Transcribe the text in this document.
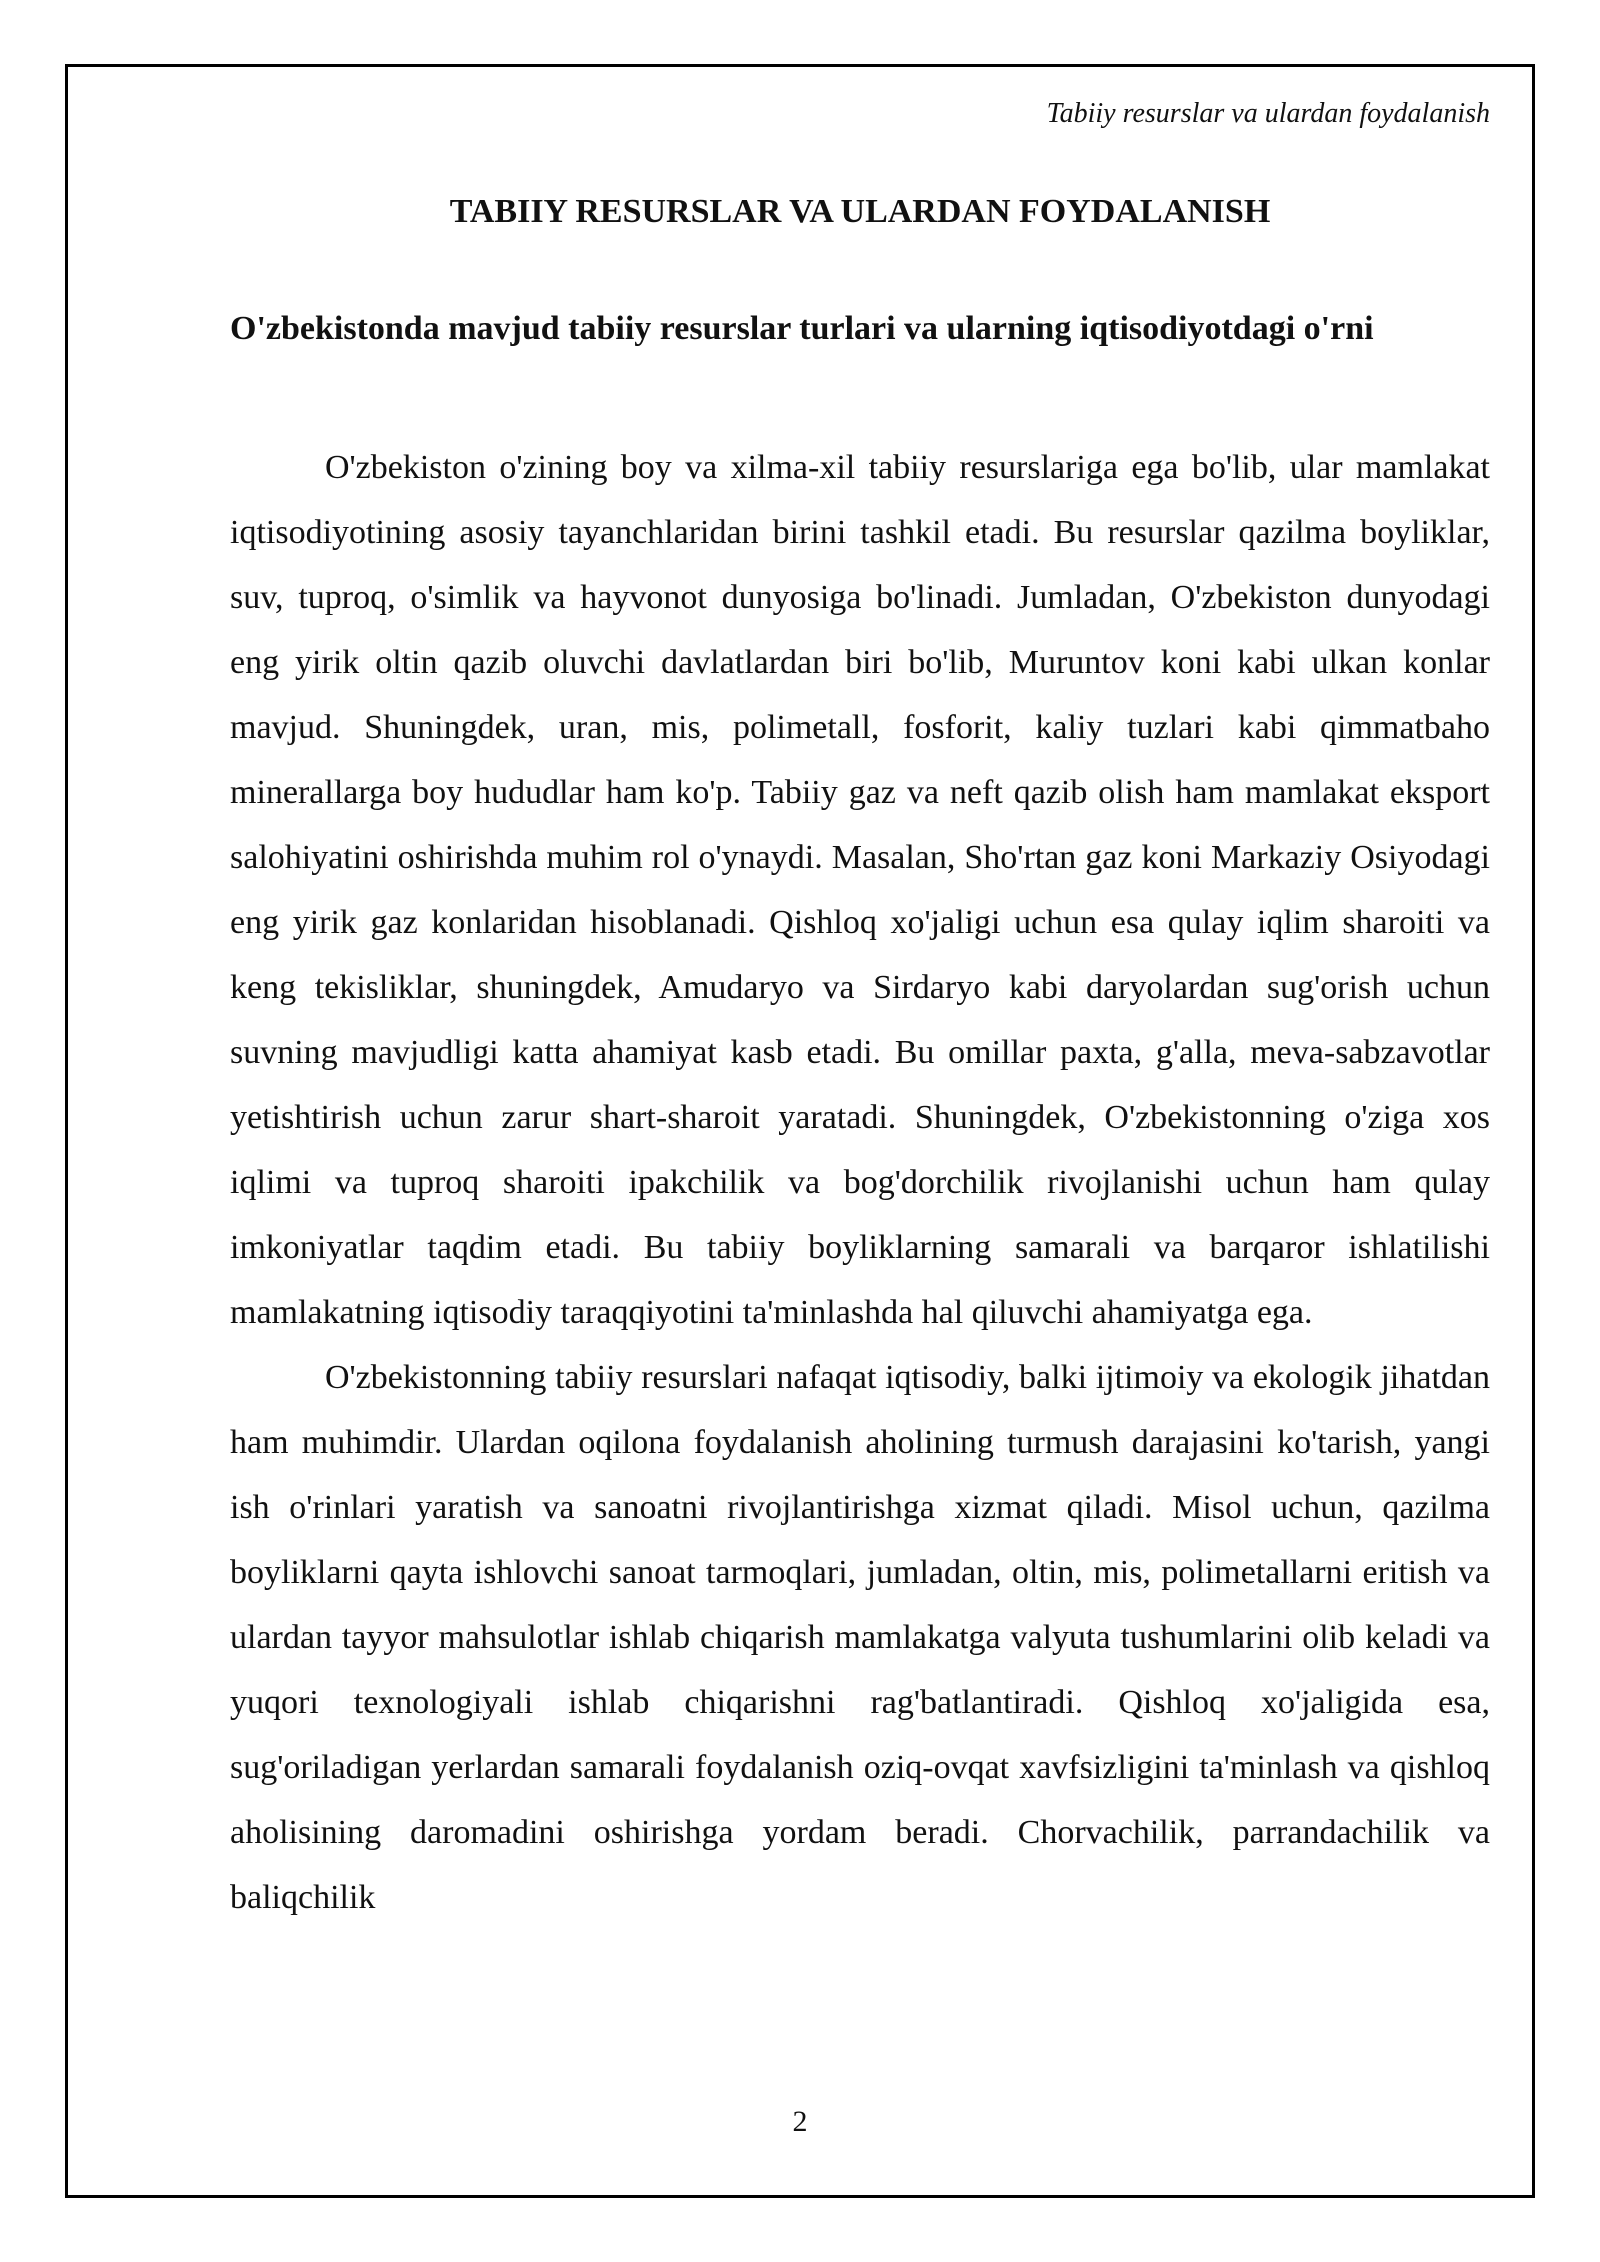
Tabiiy resurslar va ulardan foydalanish
TABIIY RESURSLAR VA ULARDAN FOYDALANISH
O'zbekistonda mavjud tabiiy resurslar turlari va ularning iqtisodiyotdagi o'rni

O'zbekiston o'zining boy va xilma-xil tabiiy resurslariga ega bo'lib, ular mamlakat iqtisodiyotining asosiy tayanchlaridan birini tashkil etadi. Bu resurslar qazilma boyliklar, suv, tuproq, o'simlik va hayvonot dunyosiga bo'linadi. Jumladan, O'zbekiston dunyodagi eng yirik oltin qazib oluvchi davlatlardan biri bo'lib, Muruntov koni kabi ulkan konlar mavjud. Shuningdek, uran, mis, polimetall, fosforit, kaliy tuzlari kabi qimmatbaho minerallarga boy hududlar ham ko'p. Tabiiy gaz va neft qazib olish ham mamlakat eksport salohiyatini oshirishda muhim rol o'ynaydi. Masalan, Sho'rtan gaz koni Markaziy Osiyodagi eng yirik gaz konlaridan hisoblanadi. Qishloq xo'jaligi uchun esa qulay iqlim sharoiti va keng tekisliklar, shuningdek, Amudaryo va Sirdaryo kabi daryolardan sug'orish uchun suvning mavjudligi katta ahamiyat kasb etadi. Bu omillar paxta, g'alla, meva-sabzavotlar yetishtirish uchun zarur shart-sharoit yaratadi. Shuningdek, O'zbekistonning o'ziga xos iqlimi va tuproq sharoiti ipakchilik va bog'dorchilik rivojlanishi uchun ham qulay imkoniyatlar taqdim etadi. Bu tabiiy boyliklarning samarali va barqaror ishlatilishi mamlakatning iqtisodiy taraqqiyotini ta'minlashda hal qiluvchi ahamiyatga ega.

O'zbekistonning tabiiy resurslari nafaqat iqtisodiy, balki ijtimoiy va ekologik jihatdan ham muhimdir. Ulardan oqilona foydalanish aholining turmush darajasini ko'tarish, yangi ish o'rinlari yaratish va sanoatni rivojlantirishga xizmat qiladi. Misol uchun, qazilma boyliklarni qayta ishlovchi sanoat tarmoqlari, jumladan, oltin, mis, polimetallarni eritish va ulardan tayyor mahsulotlar ishlab chiqarish mamlakatga valyuta tushumlarini olib keladi va yuqori texnologiyali ishlab chiqarishni rag'batlantiradi. Qishloq xo'jaligida esa, sug'oriladigan yerlardan samarali foydalanish oziq-ovqat xavfsizligini ta'minlash va qishloq aholisining daromadini oshirishga yordam beradi. Chorvachilik, parrandachilik va baliqchilik

2
